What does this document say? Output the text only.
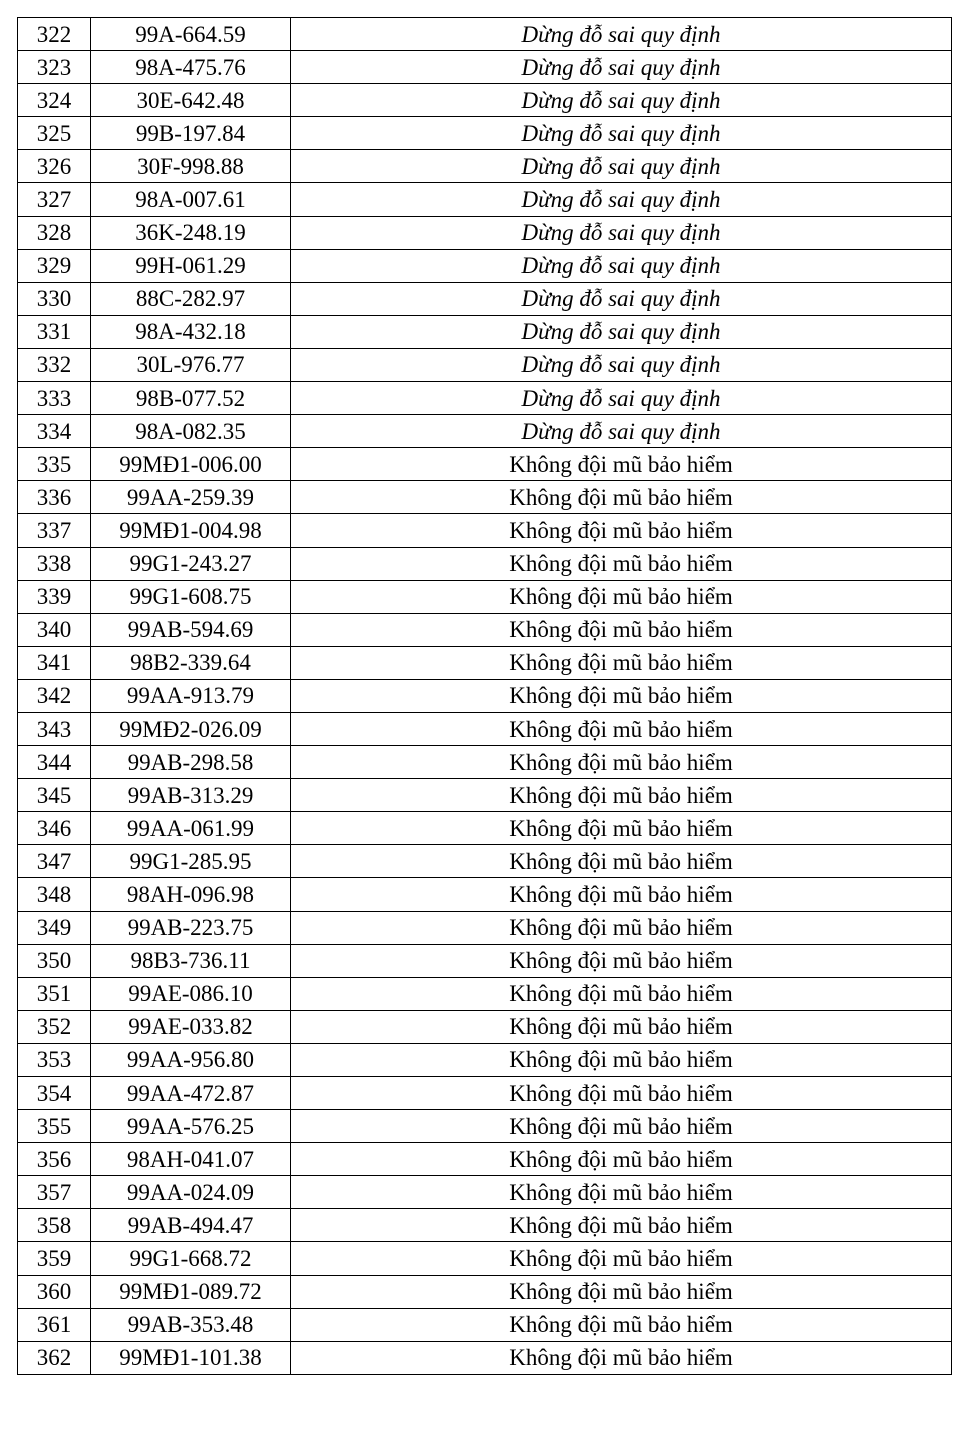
322	99A-664.59	Dừng đỗ sai quy định
323	98A-475.76	Dừng đỗ sai quy định
324	30E-642.48	Dừng đỗ sai quy định
325	99B-197.84	Dừng đỗ sai quy định
326	30F-998.88	Dừng đỗ sai quy định
327	98A-007.61	Dừng đỗ sai quy định
328	36K-248.19	Dừng đỗ sai quy định
329	99H-061.29	Dừng đỗ sai quy định
330	88C-282.97	Dừng đỗ sai quy định
331	98A-432.18	Dừng đỗ sai quy định
332	30L-976.77	Dừng đỗ sai quy định
333	98B-077.52	Dừng đỗ sai quy định
334	98A-082.35	Dừng đỗ sai quy định
335	99MĐ1-006.00	Không đội mũ bảo hiểm
336	99AA-259.39	Không đội mũ bảo hiểm
337	99MĐ1-004.98	Không đội mũ bảo hiểm
338	99G1-243.27	Không đội mũ bảo hiểm
339	99G1-608.75	Không đội mũ bảo hiểm
340	99AB-594.69	Không đội mũ bảo hiểm
341	98B2-339.64	Không đội mũ bảo hiểm
342	99AA-913.79	Không đội mũ bảo hiểm
343	99MĐ2-026.09	Không đội mũ bảo hiểm
344	99AB-298.58	Không đội mũ bảo hiểm
345	99AB-313.29	Không đội mũ bảo hiểm
346	99AA-061.99	Không đội mũ bảo hiểm
347	99G1-285.95	Không đội mũ bảo hiểm
348	98AH-096.98	Không đội mũ bảo hiểm
349	99AB-223.75	Không đội mũ bảo hiểm
350	98B3-736.11	Không đội mũ bảo hiểm
351	99AE-086.10	Không đội mũ bảo hiểm
352	99AE-033.82	Không đội mũ bảo hiểm
353	99AA-956.80	Không đội mũ bảo hiểm
354	99AA-472.87	Không đội mũ bảo hiểm
355	99AA-576.25	Không đội mũ bảo hiểm
356	98AH-041.07	Không đội mũ bảo hiểm
357	99AA-024.09	Không đội mũ bảo hiểm
358	99AB-494.47	Không đội mũ bảo hiểm
359	99G1-668.72	Không đội mũ bảo hiểm
360	99MĐ1-089.72	Không đội mũ bảo hiểm
361	99AB-353.48	Không đội mũ bảo hiểm
362	99MĐ1-101.38	Không đội mũ bảo hiểm
